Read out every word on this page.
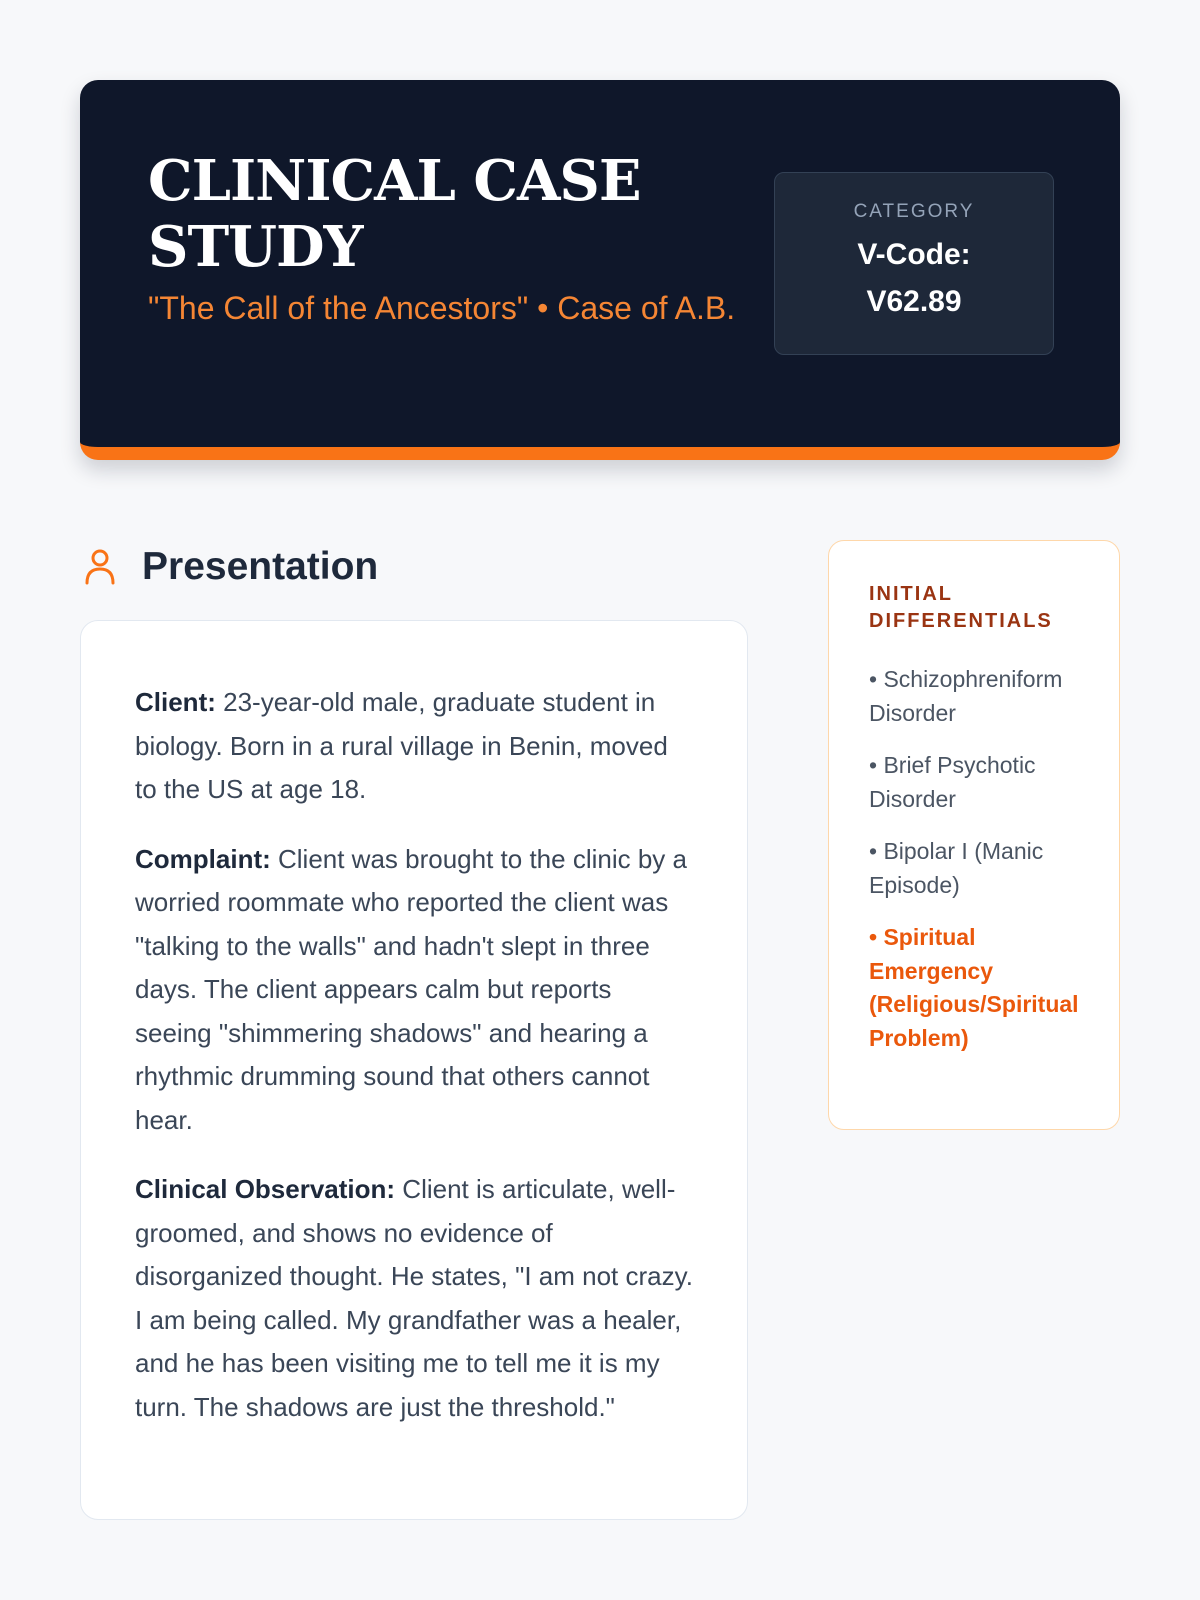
CLINICAL CASE STUDY
"The Call of the Ancestors" • Case of A.B.
CATEGORY
V-Code: V62.89
Presentation

Client: 23-year-old male, graduate student in biology. Born in a rural village in Benin, moved to the US at age 18.

Complaint: Client was brought to the clinic by a worried roommate who reported the client was "talking to the walls" and hadn't slept in three days. The client appears calm but reports seeing "shimmering shadows" and hearing a rhythmic drumming sound that others cannot hear.

Clinical Observation: Client is articulate, well-groomed, and shows no evidence of disorganized thought. He states, "I am not crazy. I am being called. My grandfather was a healer, and he has been visiting me to tell me it is my turn. The shadows are just the threshold."

INITIAL DIFFERENTIALS
• Schizophreniform Disorder
• Brief Psychotic Disorder
• Bipolar I (Manic Episode)
• Spiritual Emergency (Religious/Spiritual Problem)
